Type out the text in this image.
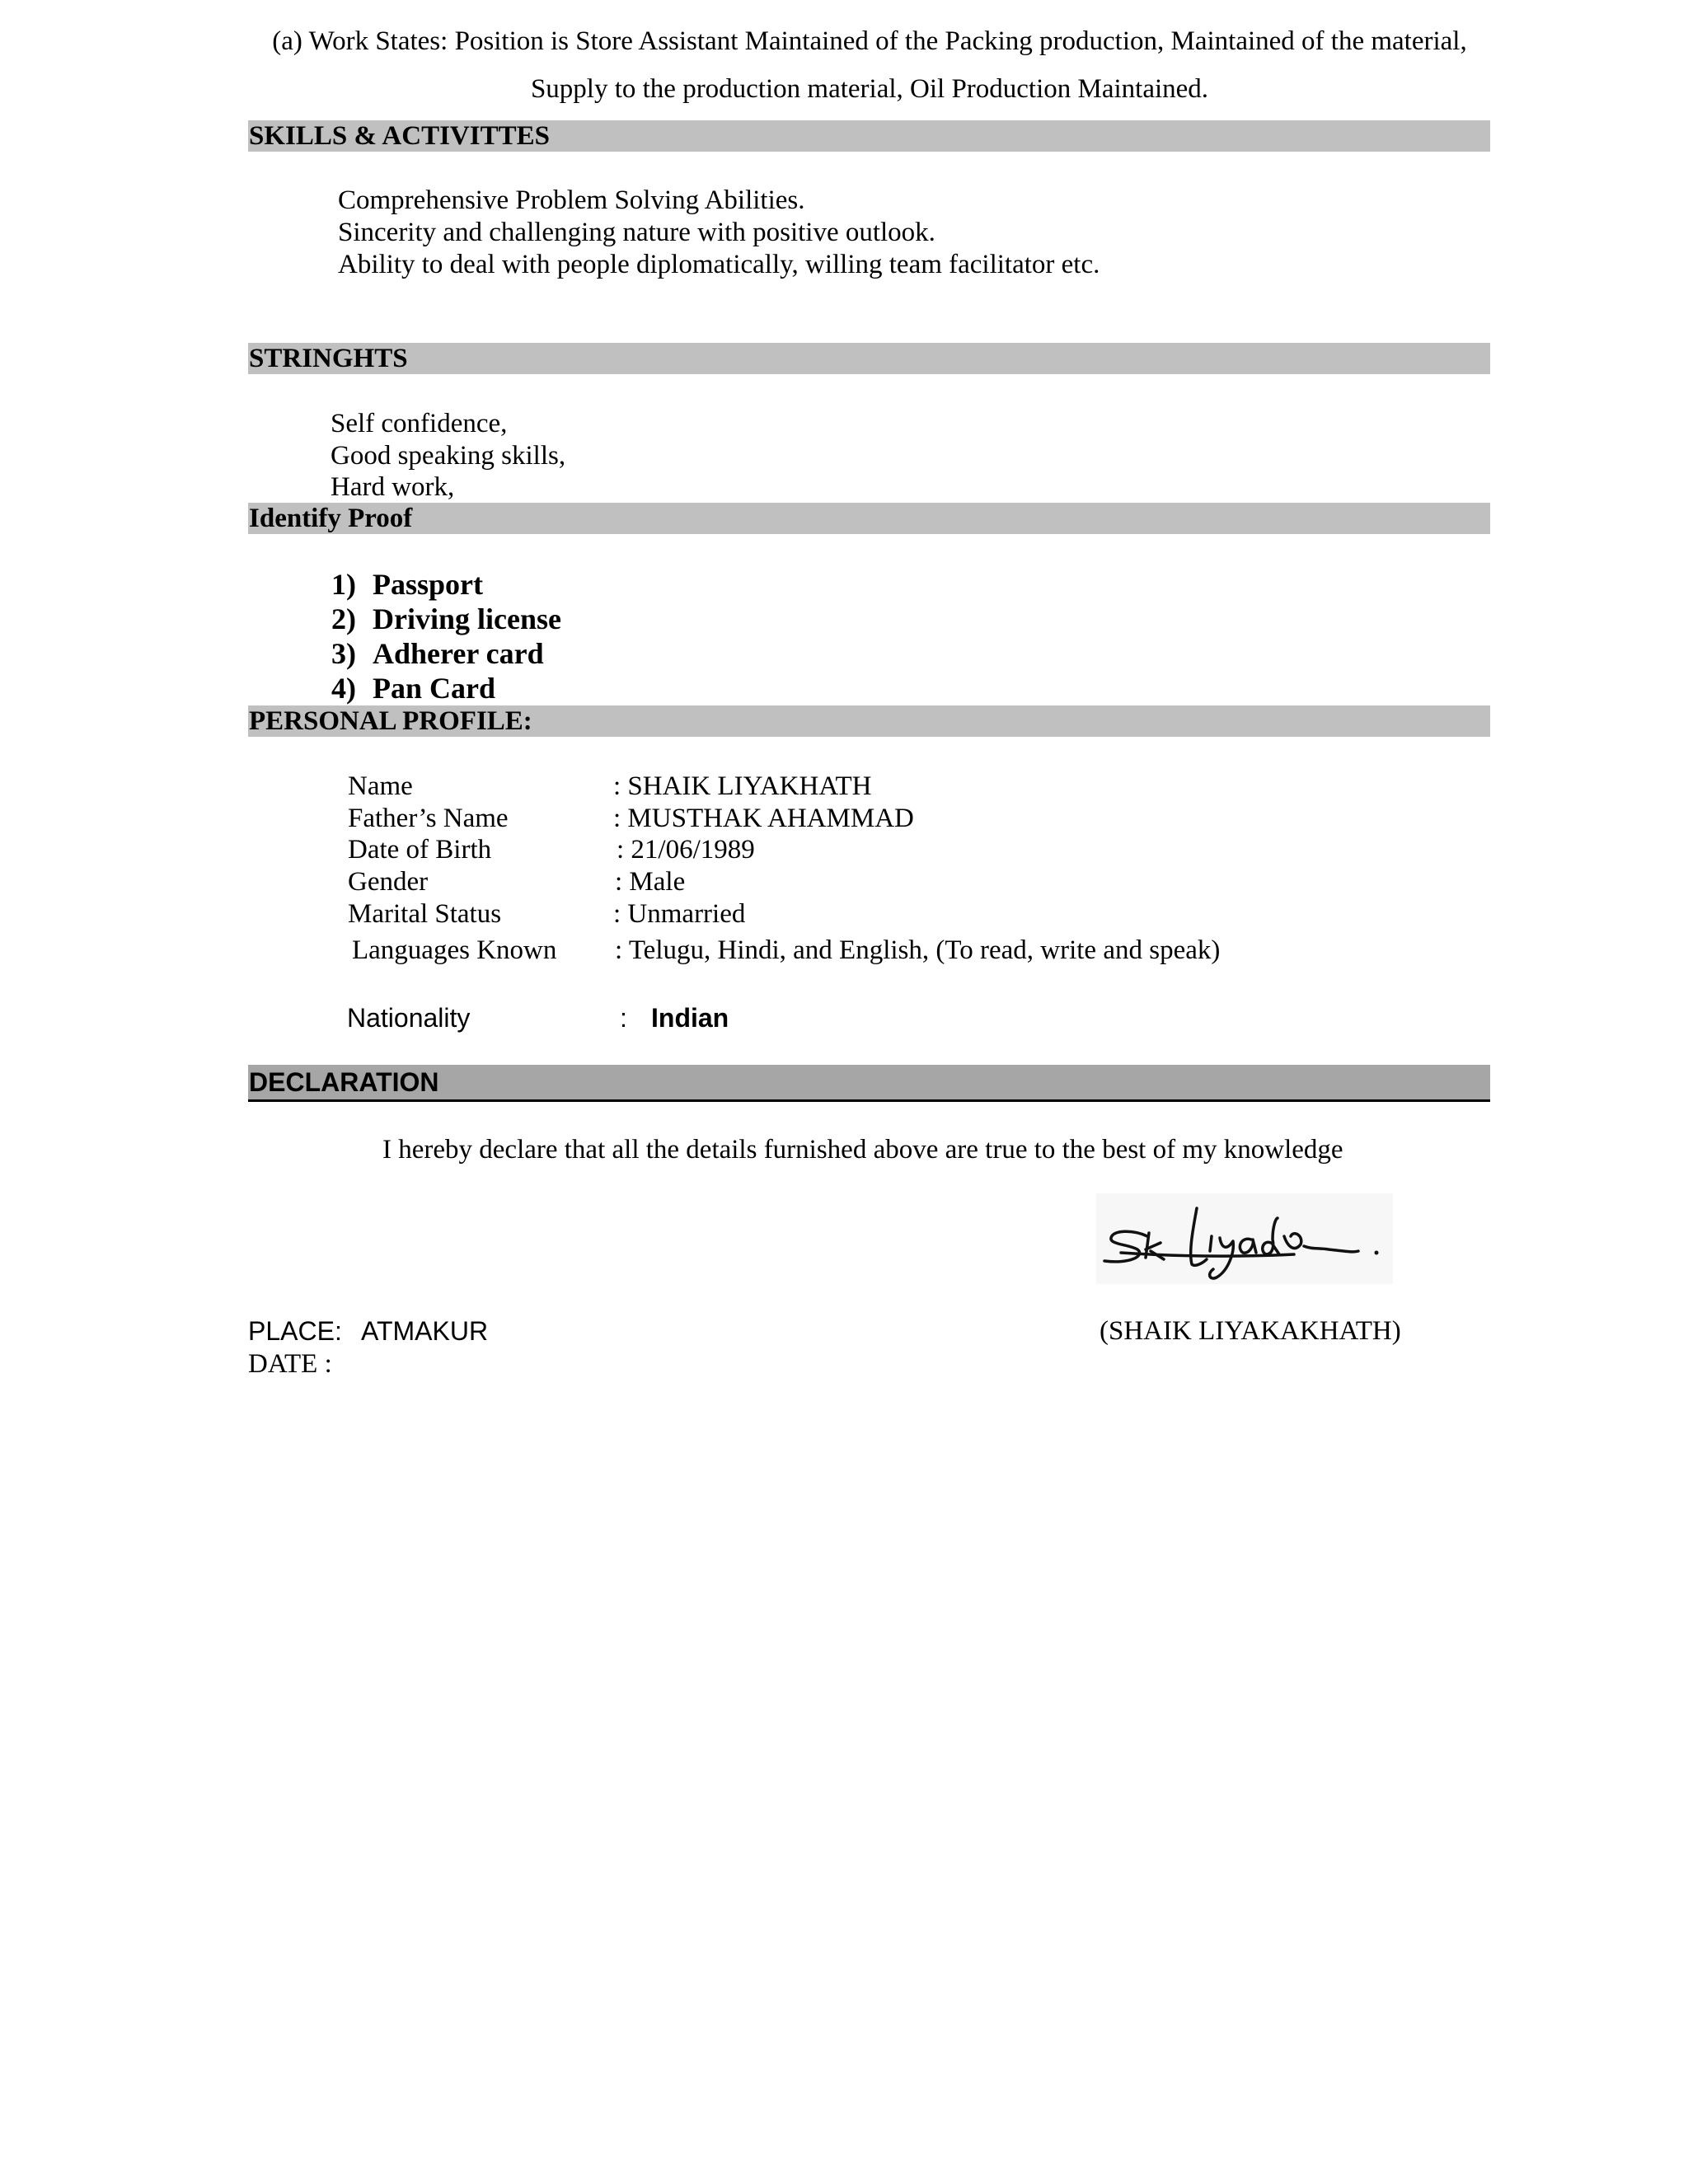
(a) Work States: Position is Store Assistant Maintained of the Packing production, Maintained of the material,
Supply to the production material, Oil Production Maintained.
SKILLS & ACTIVITTES
Comprehensive Problem Solving Abilities.
Sincerity and challenging nature with positive outlook.
Ability to deal with people diplomatically, willing team facilitator etc.
STRINGHTS
Self confidence,
Good speaking skills,
Hard work,
Identify Proof
1) Passport
2) Driving license
3) Adherer card
4) Pan Card
PERSONAL PROFILE:
Name	: SHAIK LIYAKHATH
Father’s Name	: MUSTHAK AHAMMAD
Date of Birth	: 21/06/1989
Gender	: Male
Marital Status	: Unmarried
Languages Known : Telugu, Hindi, and English, (To read, write and speak)
Nationality	: Indian
DECLARATION
I hereby declare that all the details furnished above are true to the best of my knowledge
PLACE: ATMAKUR
DATE :
(SHAIK LIYAKAKHATH)
